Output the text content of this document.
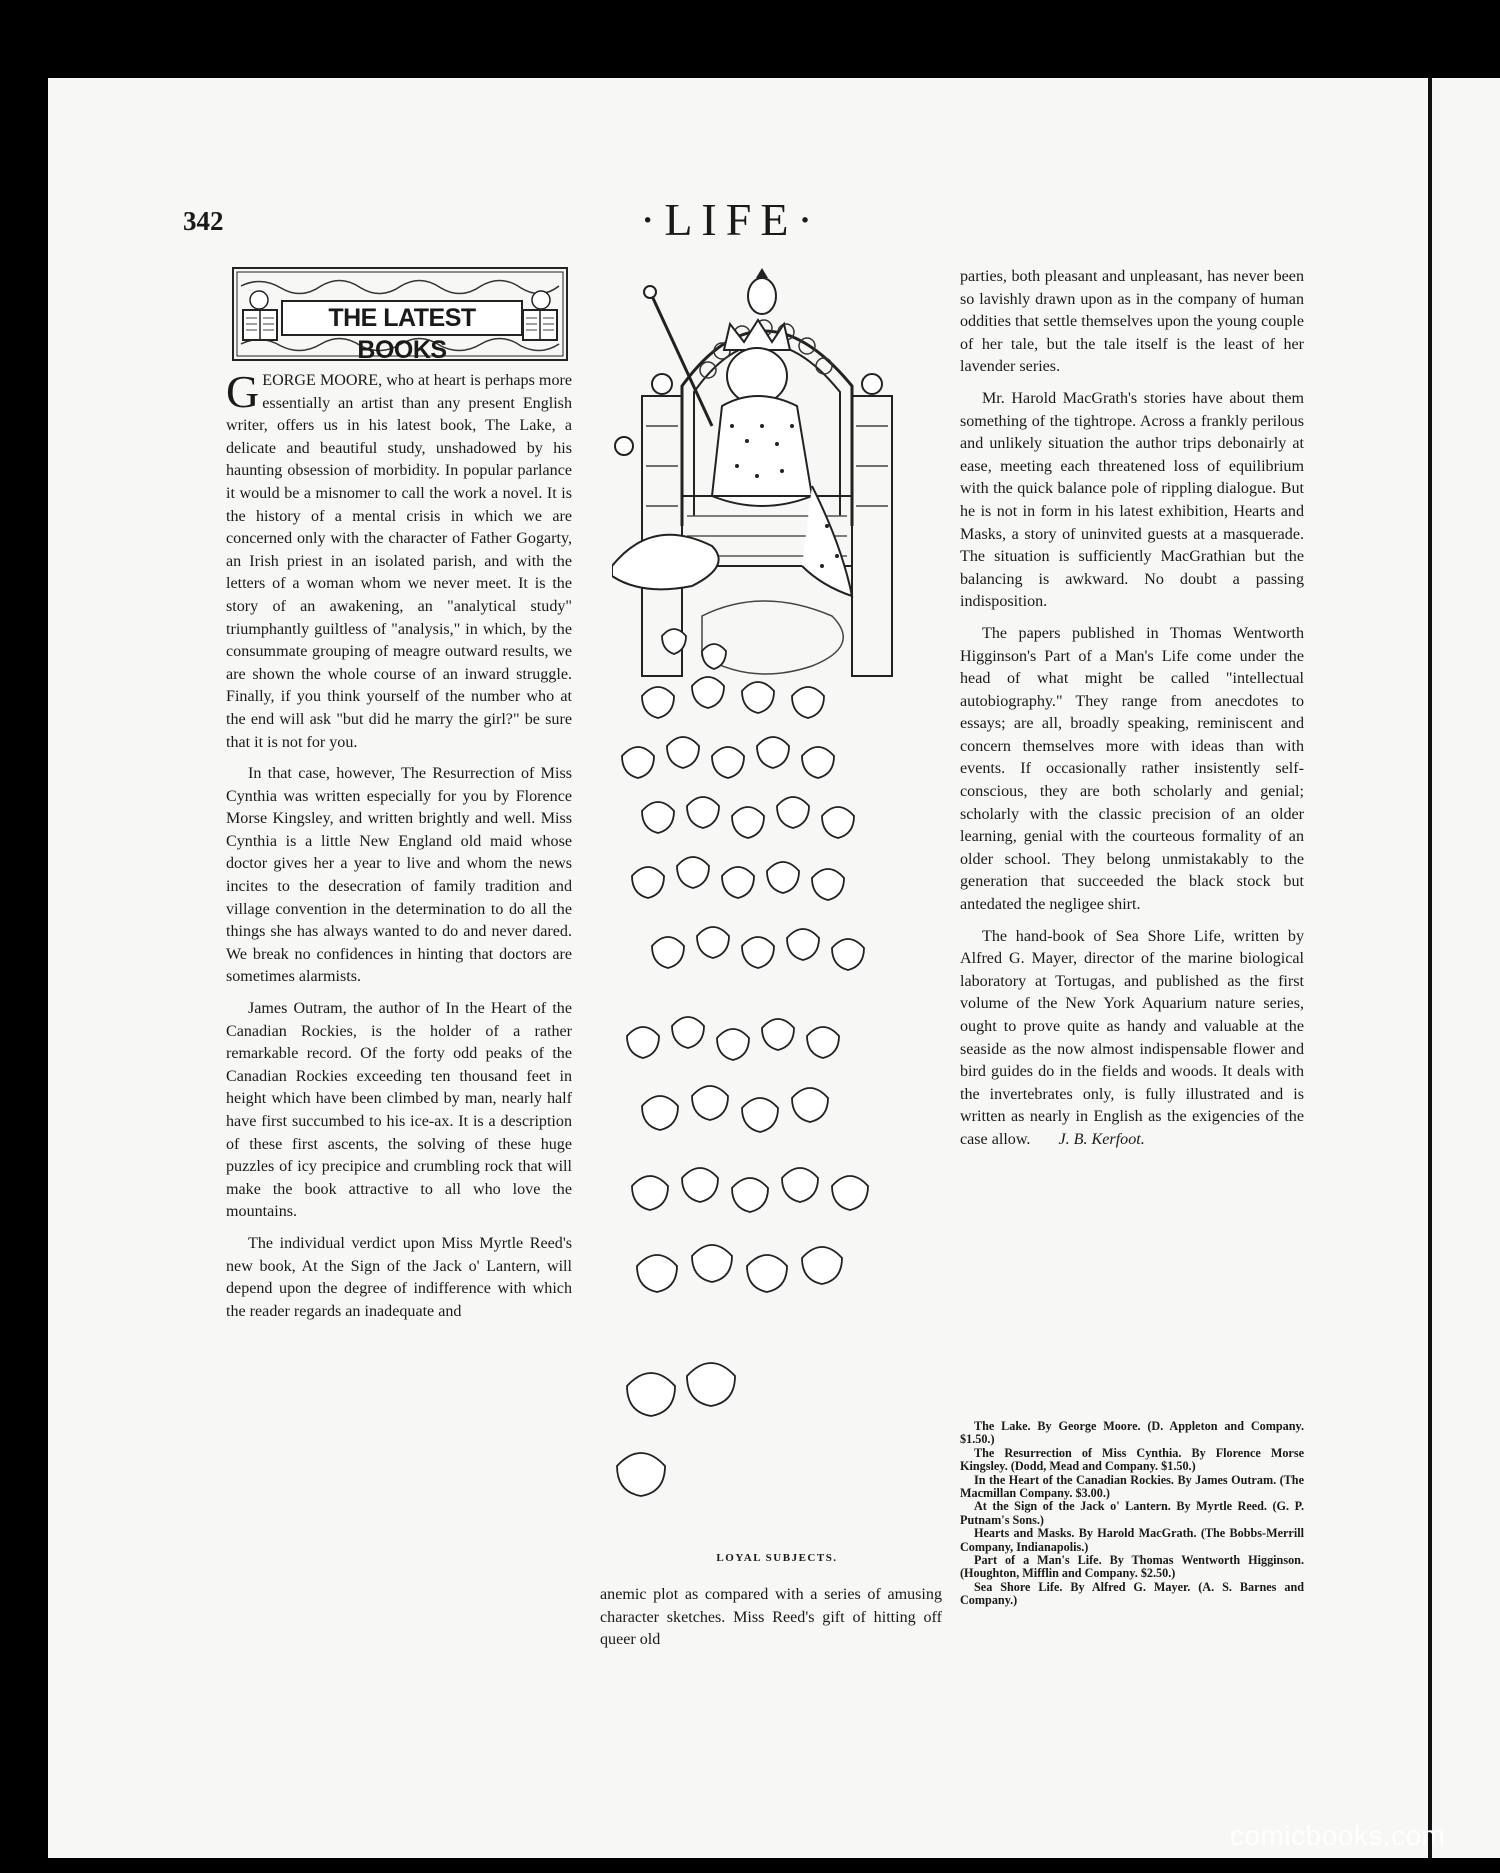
342	·LIFE·
THE LATEST BOOKS

GEORGE MOORE, who at heart is perhaps more essentially an artist than any present English writer, offers us in his latest book, The Lake, a delicate and beautiful study, unshadowed by his haunting obsession of morbidity. In popular parlance it would be a misnomer to call the work a novel. It is the history of a mental crisis in which we are concerned only with the character of Father Gogarty, an Irish priest in an isolated parish, and with the letters of a woman whom we never meet. It is the story of an awakening, an "analytical study" triumphantly guiltless of "analysis," in which, by the consummate grouping of meagre outward results, we are shown the whole course of an inward struggle. Finally, if you think yourself of the number who at the end will ask "but did he marry the girl?" be sure that it is not for you.

In that case, however, The Resurrection of Miss Cynthia was written especially for you by Florence Morse Kingsley, and written brightly and well. Miss Cynthia is a little New England old maid whose doctor gives her a year to live and whom the news incites to the desecration of family tradition and village convention in the determination to do all the things she has always wanted to do and never dared. We break no confidences in hinting that doctors are sometimes alarmists.

James Outram, the author of In the Heart of the Canadian Rockies, is the holder of a rather remarkable record. Of the forty odd peaks of the Canadian Rockies exceeding ten thousand feet in height which have been climbed by man, nearly half have first succumbed to his ice-ax. It is a description of these first ascents, the solving of these huge puzzles of icy precipice and crumbling rock that will make the book attractive to all who love the mountains.

The individual verdict upon Miss Myrtle Reed's new book, At the Sign of the Jack o' Lantern, will depend upon the degree of indifference with which the reader regards an inadequate and

LOYAL SUBJECTS.

anemic plot as compared with a series of amusing character sketches. Miss Reed's gift of hitting off queer old

parties, both pleasant and unpleasant, has never been so lavishly drawn upon as in the company of human oddities that settle themselves upon the young couple of her tale, but the tale itself is the least of her lavender series.

Mr. Harold MacGrath's stories have about them something of the tightrope. Across a frankly perilous and unlikely situation the author trips debonairly at ease, meeting each threatened loss of equilibrium with the quick balance pole of rippling dialogue. But he is not in form in his latest exhibition, Hearts and Masks, a story of uninvited guests at a masquerade. The situation is sufficiently MacGrathian but the balancing is awkward. No doubt a passing indisposition.

The papers published in Thomas Wentworth Higginson's Part of a Man's Life come under the head of what might be called "intellectual autobiography." They range from anecdotes to essays; are all, broadly speaking, reminiscent and concern themselves more with ideas than with events. If occasionally rather insistently self-conscious, they are both scholarly and genial; scholarly with the classic precision of an older learning, genial with the courteous formality of an older school. They belong unmistakably to the generation that succeeded the black stock but antedated the negligee shirt.

The hand-book of Sea Shore Life, written by Alfred G. Mayer, director of the marine biological laboratory at Tortugas, and published as the first volume of the New York Aquarium nature series, ought to prove quite as handy and valuable at the seaside as the now almost indispensable flower and bird guides do in the fields and woods. It deals with the invertebrates only, is fully illustrated and is written as nearly in English as the exigencies of the case allow. J. B. Kerfoot.

The Lake. By George Moore. (D. Appleton and Company. $1.50.)

The Resurrection of Miss Cynthia. By Florence Morse Kingsley. (Dodd, Mead and Company. $1.50.)

In the Heart of the Canadian Rockies. By James Outram. (The Macmillan Company. $3.00.)

At the Sign of the Jack o' Lantern. By Myrtle Reed. (G. P. Putnam's Sons.)

Hearts and Masks. By Harold MacGrath. (The Bobbs-Merrill Company, Indianapolis.)

Part of a Man's Life. By Thomas Wentworth Higginson. (Houghton, Mifflin and Company. $2.50.)

Sea Shore Life. By Alfred G. Mayer. (A. S. Barnes and Company.)

comicbooks.com
